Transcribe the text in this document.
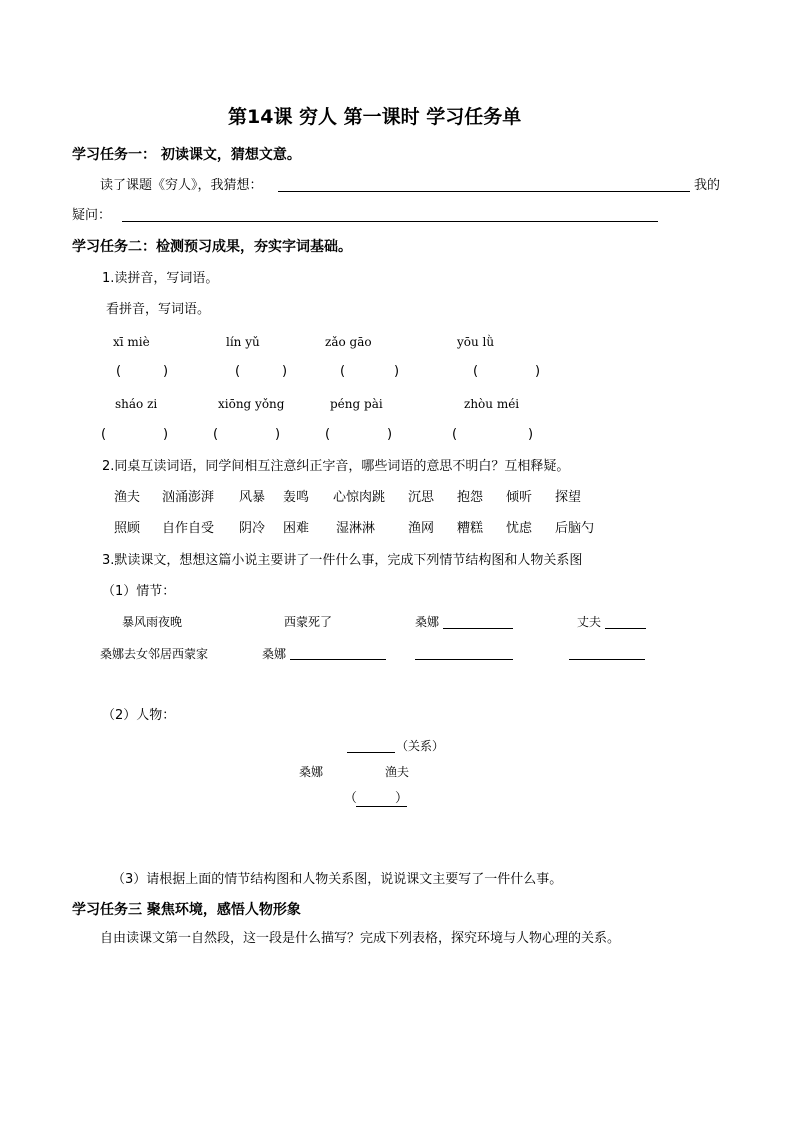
第14课 穷人 第一课时 学习任务单
学习任务一： 初读课文，猜想文意。
读了课题《穷人》，我猜想：	我的
疑问：
学习任务二：检测预习成果，夯实字词基础。
1.读拼音，写词语。
看拼音，写词语。
xī miè	lín yǔ	zǎo gāo	yōu lǜ
(	)	(	)	(	)	(	)
sháo zi	xiōng yǒng	péng pài	zhòu méi
(	)	(	)	(	)	(	)
2.同桌互读词语，同学间相互注意纠正字音，哪些词语的意思不明白？互相释疑。
渔夫 汹涌澎湃 风暴 轰鸣 心惊肉跳 沉思 抱怨 倾听 探望
照顾 自作自受 阴冷 困难 湿淋淋	渔网 糟糕 忧虑 后脑勺
3.默读课文，想想这篇小说主要讲了一件什么事，完成下列情节结构图和人物关系图
（1）情节：
暴风雨夜晚	西蒙死了	桑娜	丈夫
桑娜去女邻居西蒙家	桑娜
（2）人物：
（关系）
桑娜	渔夫
（	）
（3）请根据上面的情节结构图和人物关系图，说说课文主要写了一件什么事。
学习任务三 聚焦环境，感悟人物形象
自由读课文第一自然段，这一段是什么描写？完成下列表格，探究环境与人物心理的关系。
